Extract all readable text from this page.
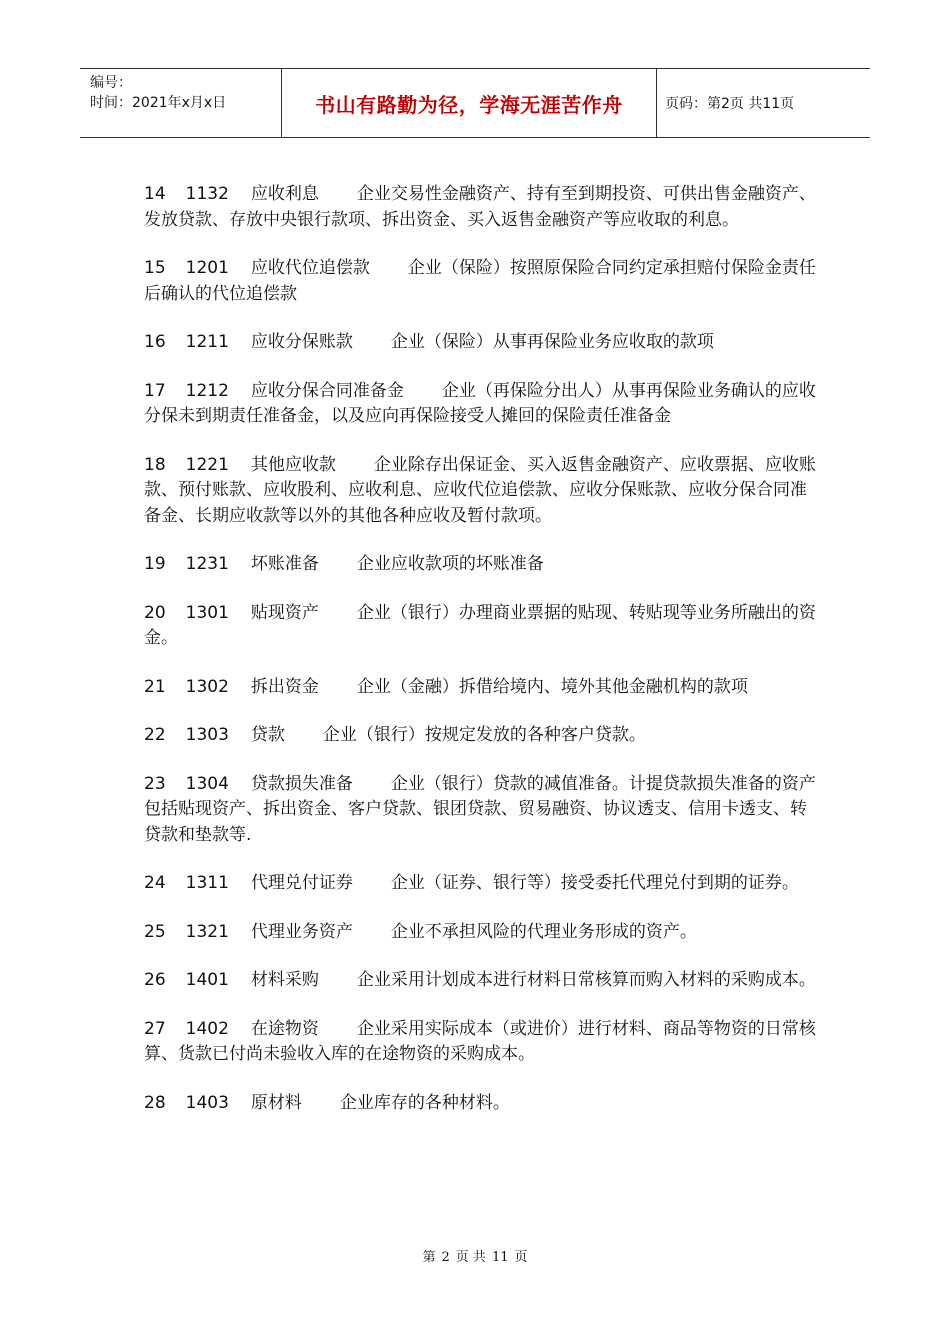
编号：
时间：2021年x月x日	书山有路勤为径，学海无涯苦作舟	页码：第2页 共11页

14 1132 应收利息 企业交易性金融资产、持有至到期投资、可供出售金融资产、发放贷款、存放中央银行款项、拆出资金、买入返售金融资产等应收取的利息。

15 1201 应收代位追偿款 企业（保险）按照原保险合同约定承担赔付保险金责任后确认的代位追偿款

16 1211 应收分保账款 企业（保险）从事再保险业务应收取的款项

17 1212 应收分保合同准备金 企业（再保险分出人）从事再保险业务确认的应收分保未到期责任准备金，以及应向再保险接受人摊回的保险责任准备金

18 1221 其他应收款 企业除存出保证金、买入返售金融资产、应收票据、应收账款、预付账款、应收股利、应收利息、应收代位追偿款、应收分保账款、应收分保合同准备金、长期应收款等以外的其他各种应收及暂付款项。

19 1231 坏账准备 企业应收款项的坏账准备

20 1301 贴现资产 企业（银行）办理商业票据的贴现、转贴现等业务所融出的资金。

21 1302 拆出资金 企业（金融）拆借给境内、境外其他金融机构的款项

22 1303 贷款 企业（银行）按规定发放的各种客户贷款。

23 1304 贷款损失准备 企业（银行）贷款的减值准备。计提贷款损失准备的资产包括贴现资产、拆出资金、客户贷款、银团贷款、贸易融资、协议透支、信用卡透支、转贷款和垫款等.

24 1311 代理兑付证券 企业（证券、银行等）接受委托代理兑付到期的证券。

25 1321 代理业务资产 企业不承担风险的代理业务形成的资产。

26 1401 材料采购 企业采用计划成本进行材料日常核算而购入材料的采购成本。

27 1402 在途物资 企业采用实际成本（或进价）进行材料、商品等物资的日常核算、货款已付尚未验收入库的在途物资的采购成本。

28 1403 原材料 企业库存的各种材料。

第 2 页 共 11 页
